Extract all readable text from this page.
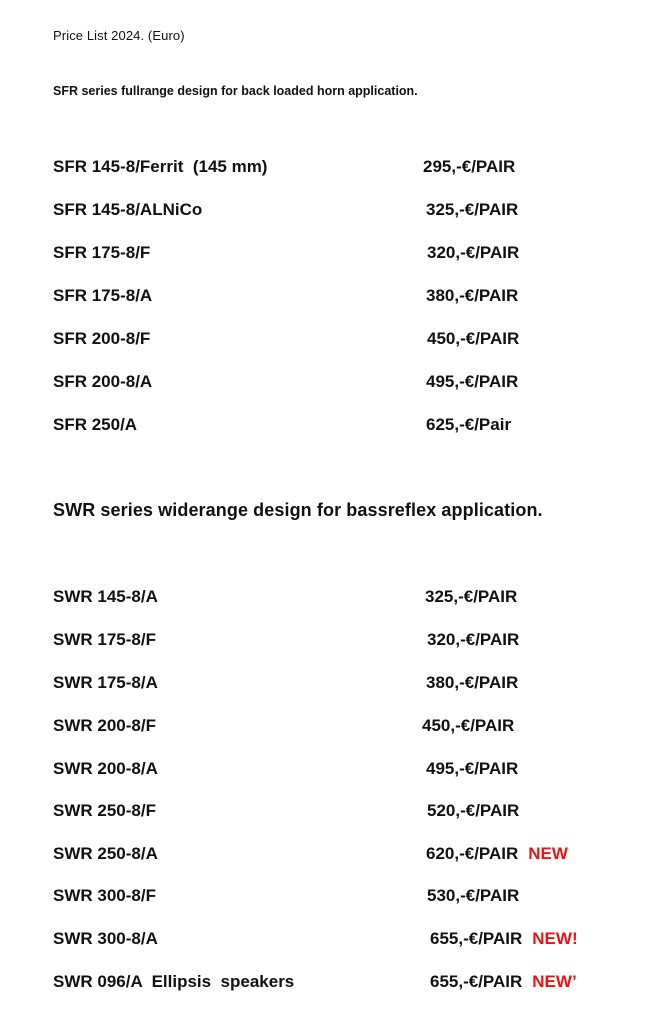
Price List 2024. (Euro)
SFR series fullrange design for back loaded horn application.
SFR 145-8/Ferrit  (145 mm)	295,-€/PAIR
SFR 145-8/ALNiCo	325,-€/PAIR
SFR 175-8/F	320,-€/PAIR
SFR 175-8/A	380,-€/PAIR
SFR 200-8/F	450,-€/PAIR
SFR 200-8/A	495,-€/PAIR
SFR 250/A	625,-€/Pair
SWR series widerange design for bassreflex application.
SWR 145-8/A	325,-€/PAIR
SWR 175-8/F	320,-€/PAIR
SWR 175-8/A	380,-€/PAIR
SWR 200-8/F	450,-€/PAIR
SWR 200-8/A	495,-€/PAIR
SWR 250-8/F	520,-€/PAIR
SWR 250-8/A	620,-€/PAIR NEW
SWR 300-8/F	530,-€/PAIR
SWR 300-8/A	655,-€/PAIR NEW!
SWR 096/A  Ellipsis  speakers	655,-€/PAIR NEW’
